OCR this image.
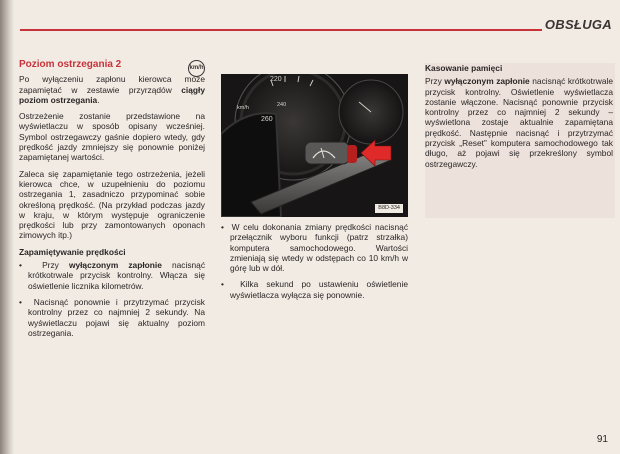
OBSŁUGA
Poziom ostrzegania 2

Po wyłączeniu zapłonu kierowca może zapamiętać w zestawie przyrządów ciągły poziom ostrzegania.

Ostrzeżenie zostanie przedstawione na wyświetlaczu w sposób opisany wcześniej. Symbol ostrzegawczy gaśnie dopiero wtedy, gdy prędkość jazdy zmniejszy się ponownie poniżej zapamiętanej wartości.

Zaleca się zapamiętanie tego ostrzeżenia, jeżeli kierowca chce, w uzupełnieniu do poziomu ostrzegania 1, zasadniczo przypominać sobie określoną prędkość. (Na przykład podczas jazdy w kraju, w którym występuje ograniczenie prędkości lub przy zamontowanych oponach zimowych itp.)

Zapamiętywanie prędkości

•  Przy wyłączonym zapłonie nacisnąć krótkotrwale przycisk kontrolny. Włącza się oświetlenie licznika kilometrów.

•  Nacisnąć ponownie i przytrzymać przycisk kontrolny przez co najmniej 2 sekundy. Na wyświetlaczu pojawi się aktualny poziom ostrzegania.

km/h
220
240
260
km/h
B8D-334

•  W celu dokonania zmiany prędkości nacisnąć przełącznik wyboru funkcji (patrz strzałka) komputera samochodowego. Wartości zmieniają się wtedy w odstępach co 10 km/h w górę lub w dół.

•  Kilka sekund po ustawieniu oświetlenie wyświetlacza wyłącza się ponownie.

Kasowanie pamięci

Przy wyłączonym zapłonie nacisnąć krótkotrwale przycisk kontrolny. Oświetlenie wyświetlacza zostanie włączone. Nacisnąć ponownie przycisk kontrolny przez co najmniej 2 sekundy – wyświetlona zostaje aktualnie zapamiętana prędkość. Następnie nacisnąć i przytrzymać przycisk „Reset” komputera samochodowego tak długo, aż pojawi się przekreślony symbol ostrzegawczy.

91
